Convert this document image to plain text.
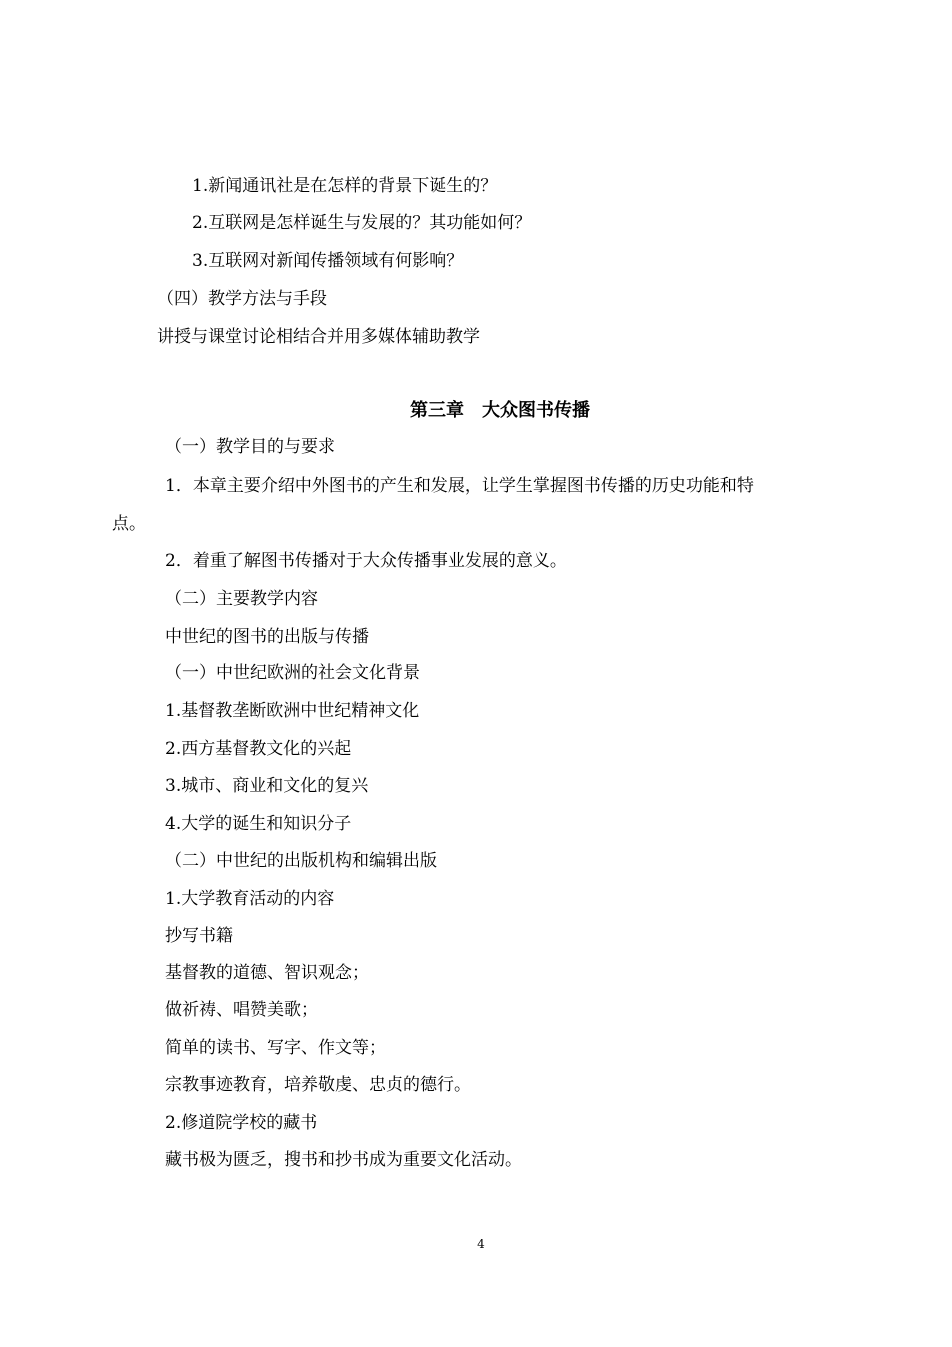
1.新闻通讯社是在怎样的背景下诞生的？
2.互联网是怎样诞生与发展的？其功能如何？
3.互联网对新闻传播领域有何影响？
（四）教学方法与手段
讲授与课堂讨论相结合并用多媒体辅助教学
第三章　大众图书传播
（一）教学目的与要求
1．本章主要介绍中外图书的产生和发展，让学生掌握图书传播的历史功能和特
点。
2．着重了解图书传播对于大众传播事业发展的意义。
（二）主要教学内容
中世纪的图书的出版与传播
（一）中世纪欧洲的社会文化背景
1.基督教垄断欧洲中世纪精神文化
2.西方基督教文化的兴起
3.城市、商业和文化的复兴
4.大学的诞生和知识分子
（二）中世纪的出版机构和编辑出版
1.大学教育活动的内容
抄写书籍
基督教的道德、智识观念；
做祈祷、唱赞美歌；
简单的读书、写字、作文等；
宗教事迹教育，培养敬虔、忠贞的德行。
2.修道院学校的藏书
藏书极为匮乏，搜书和抄书成为重要文化活动。
4
